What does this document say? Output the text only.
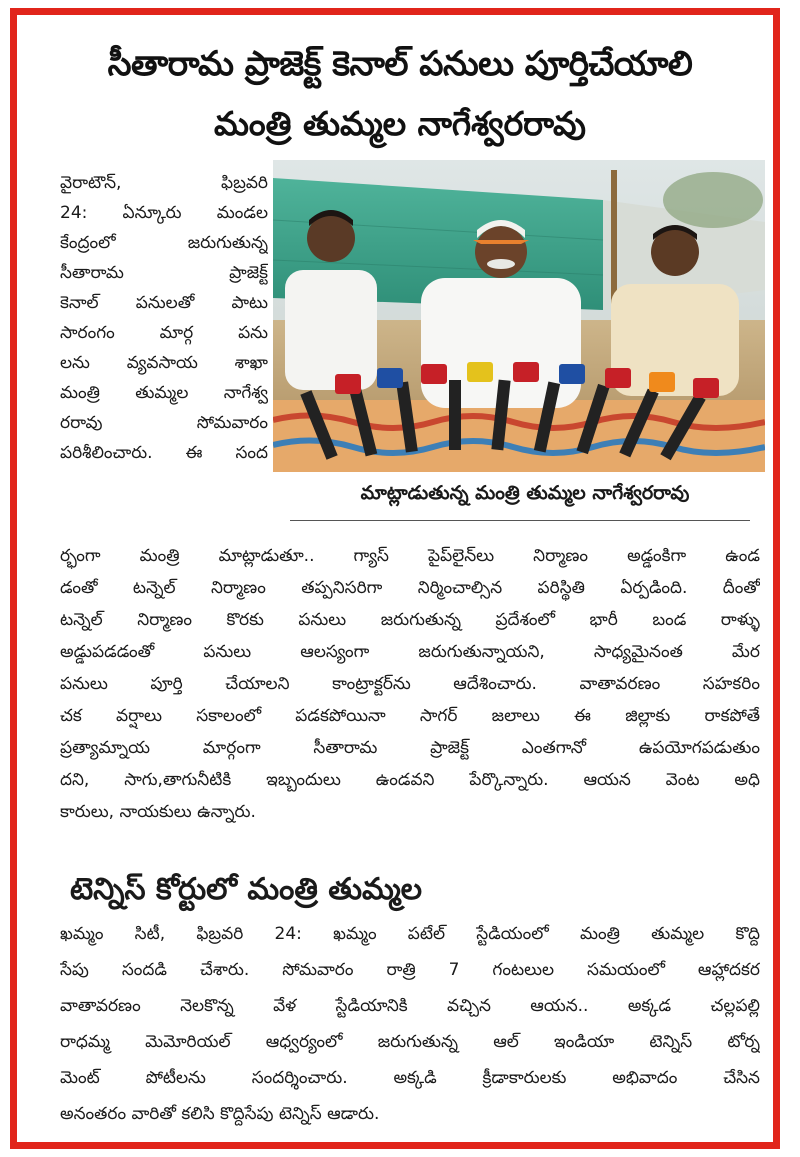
సీతారామ ప్రాజెక్ట్ కెనాల్ పనులు పూర్తిచేయాలి
మంత్రి తుమ్మల నాగేశ్వరరావు
వైరాటౌన్, ఫిబ్రవరి
24: ఏన్కూరు మండల
కేంద్రంలో జరుగుతున్న
సీతారామ ప్రాజెక్ట్
కెనాల్ పనులతో పాటు
సారంగం మార్గ పను
లను వ్యవసాయ శాఖా
మంత్రి తుమ్మల నాగేశ్వ
రరావు సోమవారం
పరిశీలించారు. ఈ సంద
మాట్లాడుతున్న మంత్రి తుమ్మల నాగేశ్వరరావు
ర్భంగా మంత్రి మాట్లాడుతూ.. గ్యాస్ పైప్‌లైన్‌లు నిర్మాణం అడ్డంకిగా ఉండ
డంతో టన్నెల్ నిర్మాణం తప్పనిసరిగా నిర్మించాల్సిన పరిస్థితి ఏర్పడింది. దీంతో
టన్నెల్ నిర్మాణం కొరకు పనులు జరుగుతున్న ప్రదేశంలో భారీ బండ రాళ్ళు
అడ్డుపడడంతో పనులు ఆలస్యంగా జరుగుతున్నాయని, సాధ్యమైనంత మేర
పనులు పూర్తి చేయాలని కాంట్రాక్టర్‌ను ఆదేశించారు. వాతావరణం సహకరిం
చక వర్షాలు సకాలంలో పడకపోయినా సాగర్ జలాలు ఈ జిల్లాకు రాకపోతే
ప్రత్యామ్నాయ మార్గంగా సీతారామ ప్రాజెక్ట్ ఎంతగానో ఉపయోగపడుతుం
దని, సాగు,తాగునీటికి ఇబ్బందులు ఉండవని పేర్కొన్నారు. ఆయన వెంట అధి
కారులు, నాయకులు ఉన్నారు.
టెన్నిస్ కోర్టులో మంత్రి తుమ్మల
ఖమ్మం సిటీ, ఫిబ్రవరి 24: ఖమ్మం పటేల్ స్టేడియంలో మంత్రి తుమ్మల కొద్ది
సేపు సందడి చేశారు. సోమవారం రాత్రి 7 గంటలుల సమయంలో ఆహ్లాదకర
వాతావరణం నెలకొన్న వేళ స్టేడియానికి వచ్చిన ఆయన.. అక్కడ చల్లపల్లి
రాధమ్మ మెమోరియల్ ఆధ్వర్యంలో జరుగుతున్న ఆల్ ఇండియా టెన్నిస్ టోర్న
మెంట్ పోటీలను సందర్శించారు. అక్కడి క్రీడాకారులకు అభివాదం చేసిన
అనంతరం వారితో కలిసి కొద్దిసేపు టెన్నిస్ ఆడారు.
